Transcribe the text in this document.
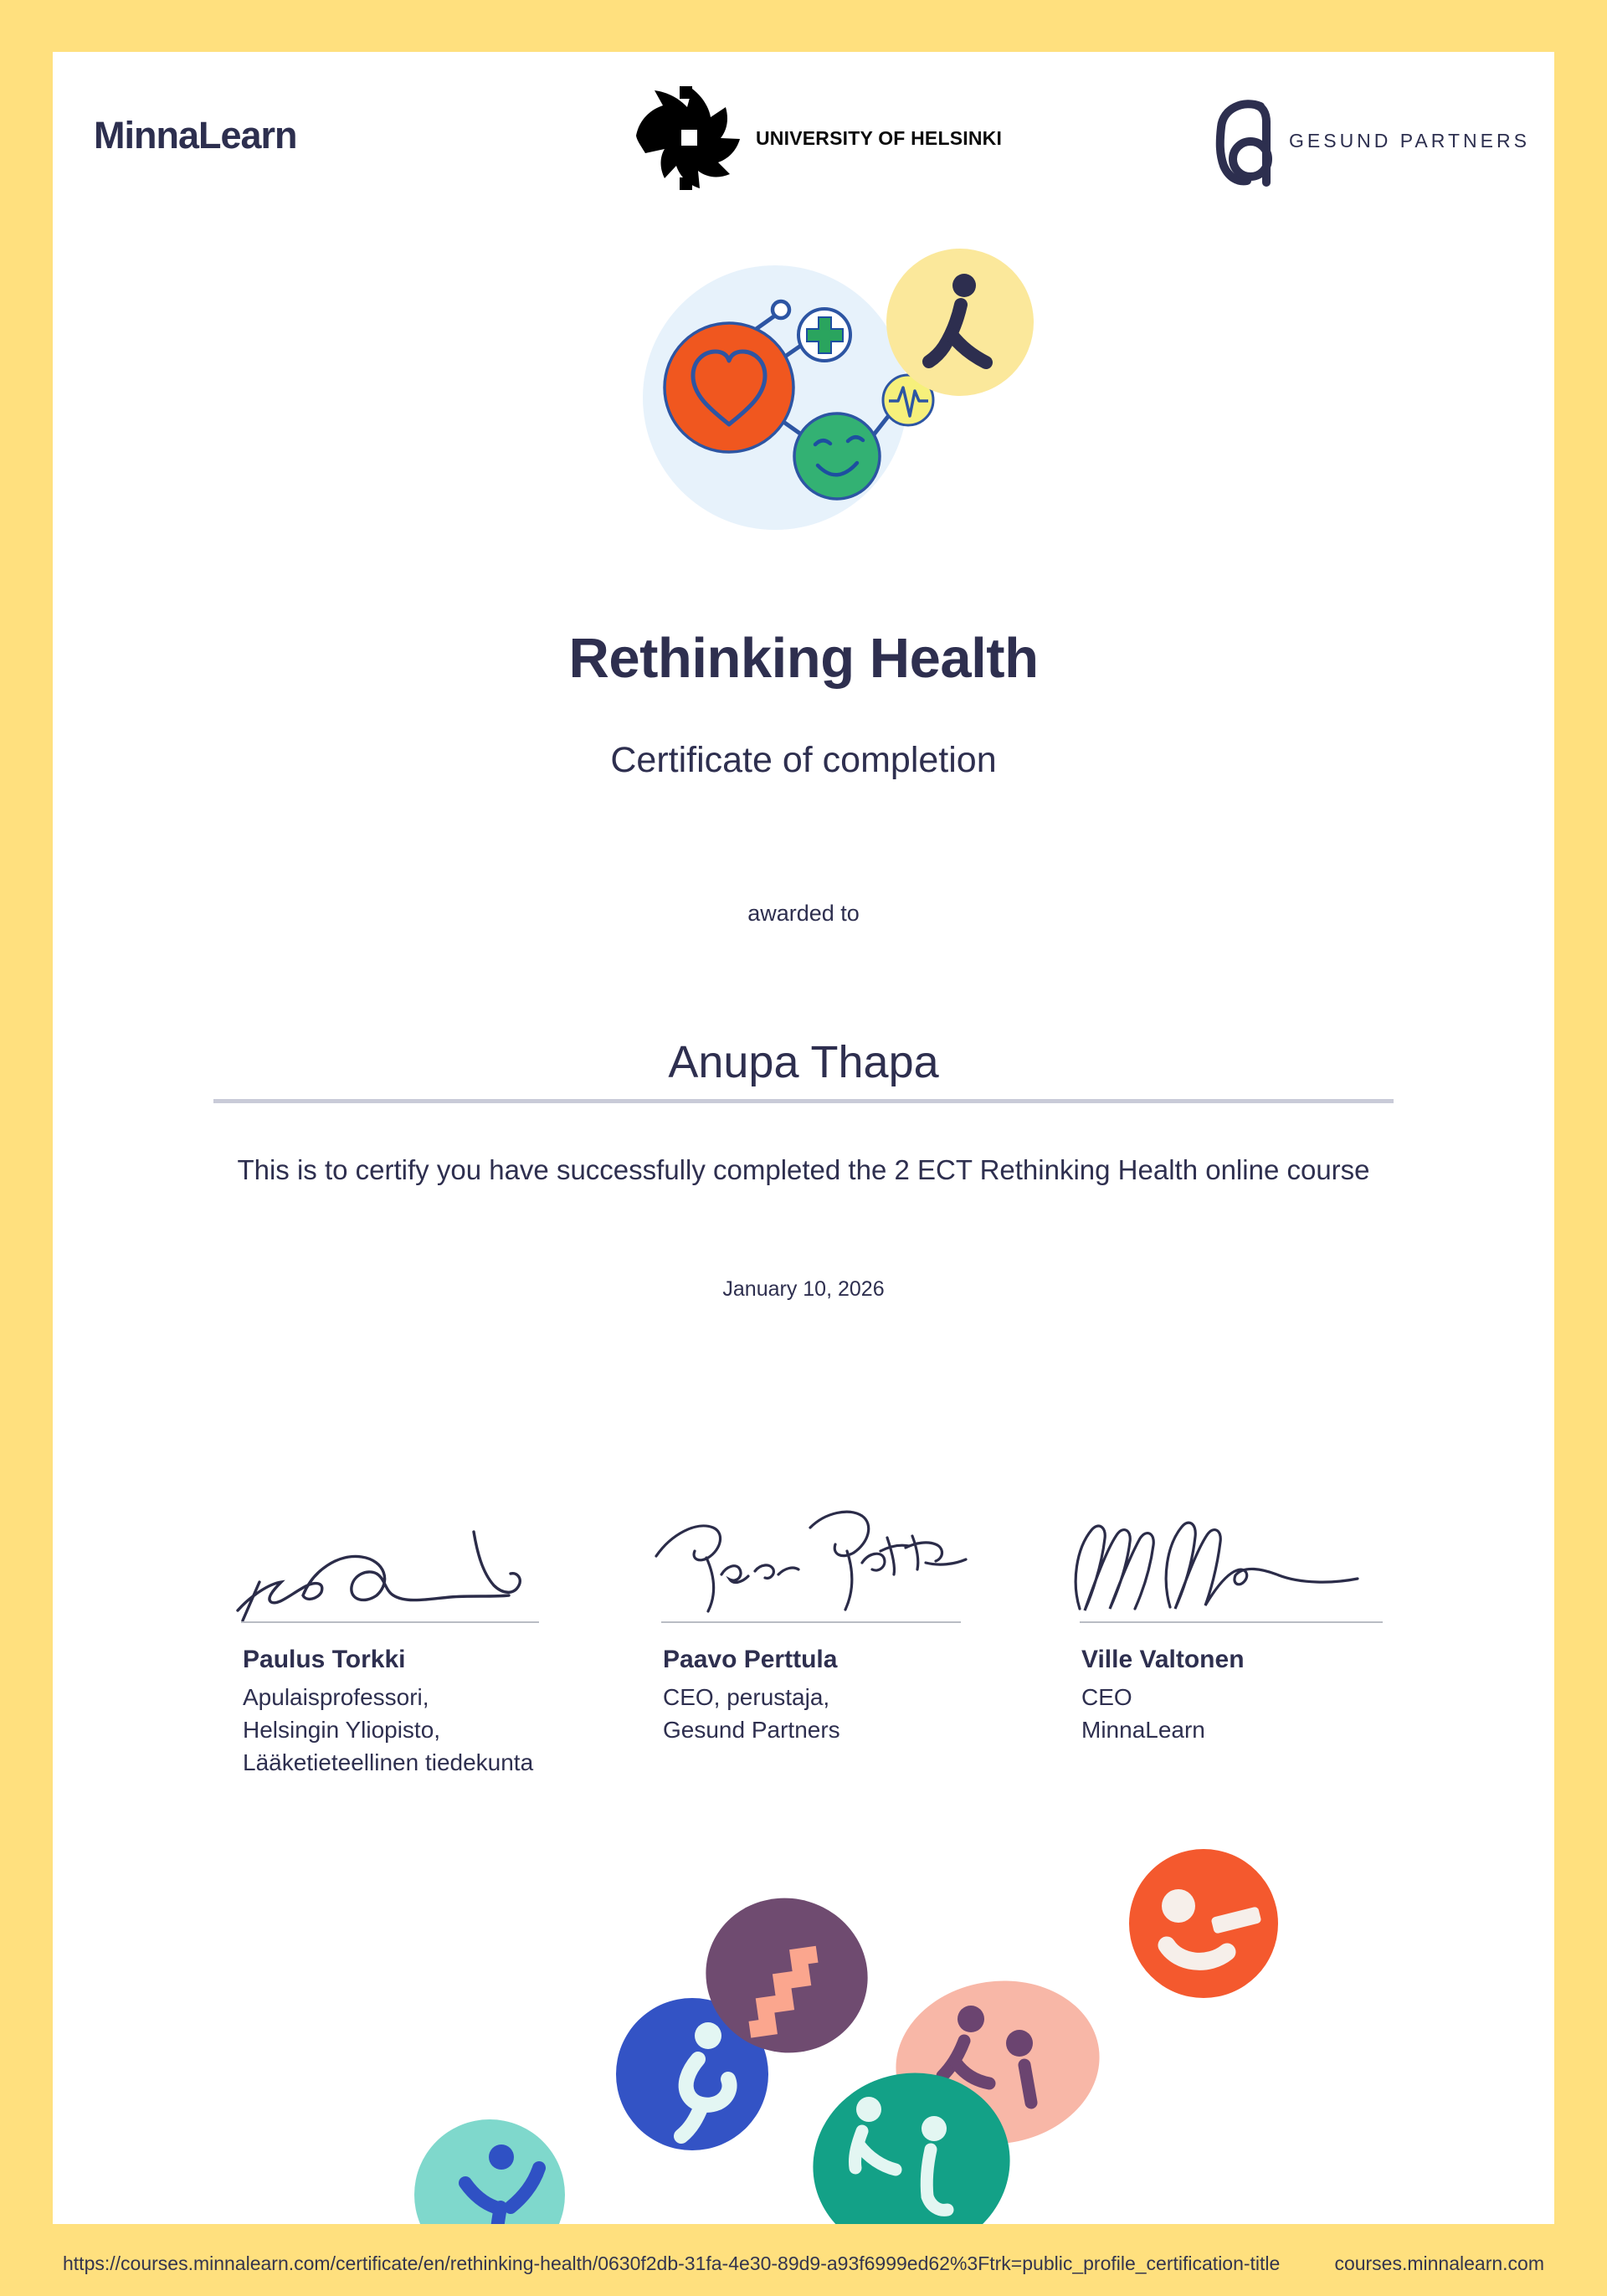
MinnaLearn	UNIVERSITY OF HELSINKI	GESUND PARTNERS
Rethinking Health
Certificate of completion
awarded to
Anupa Thapa
This is to certify you have successfully completed the 2 ECT Rethinking Health online course
January 10, 2026
Paulus Torkki
Apulaisprofessori,
Helsingin Yliopisto,
Lääketieteellinen tiedekunta
Paavo Perttula
CEO, perustaja,
Gesund Partners
Ville Valtonen
CEO
MinnaLearn
https://courses.minnalearn.com/certificate/en/rethinking-health/0630f2db-31fa-4e30-89d9-a93f6999ed62%3Ftrk=public_profile_certification-title	courses.minnalearn.com
